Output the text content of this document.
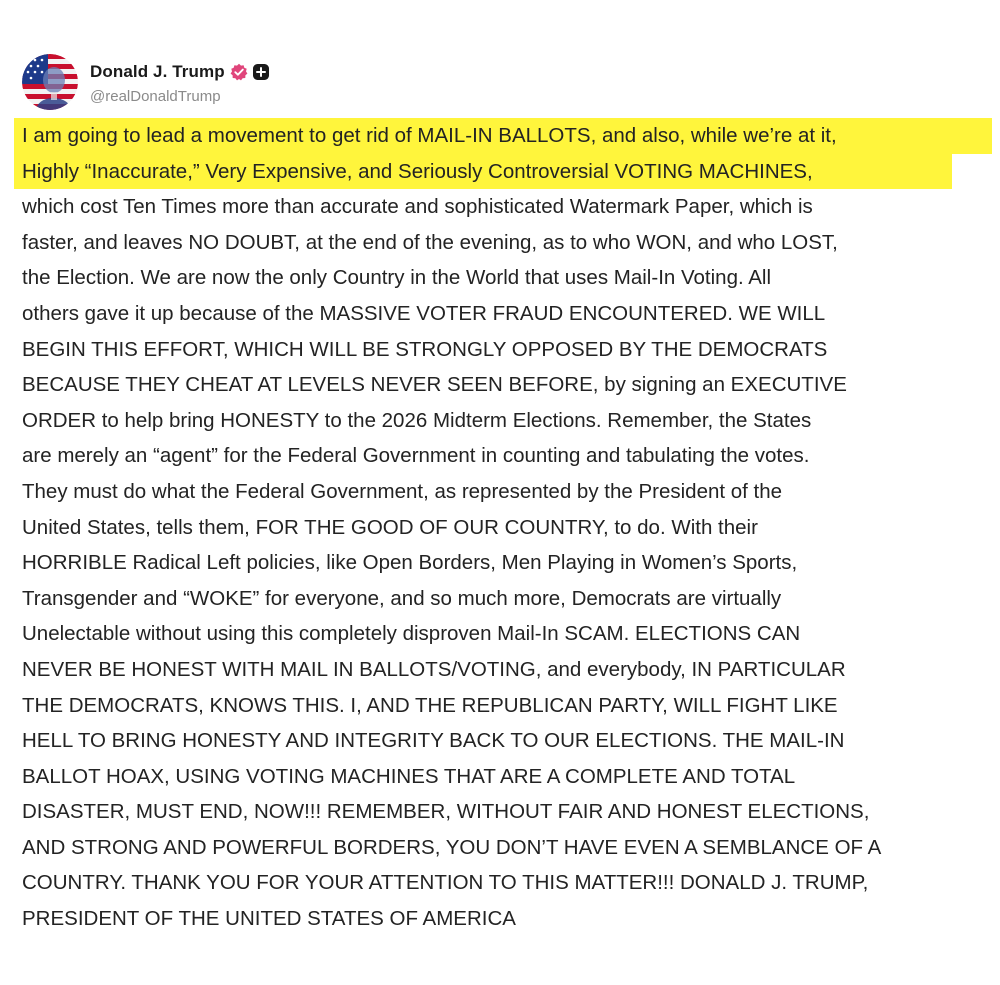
Donald J. Trump
@realDonaldTrump
I am going to lead a movement to get rid of MAIL-IN BALLOTS, and also, while we’re at it,
Highly “Inaccurate,” Very Expensive, and Seriously Controversial VOTING MACHINES,
which cost Ten Times more than accurate and sophisticated Watermark Paper, which is
faster, and leaves NO DOUBT, at the end of the evening, as to who WON, and who LOST,
the Election. We are now the only Country in the World that uses Mail-In Voting. All
others gave it up because of the MASSIVE VOTER FRAUD ENCOUNTERED. WE WILL
BEGIN THIS EFFORT, WHICH WILL BE STRONGLY OPPOSED BY THE DEMOCRATS
BECAUSE THEY CHEAT AT LEVELS NEVER SEEN BEFORE, by signing an EXECUTIVE
ORDER to help bring HONESTY to the 2026 Midterm Elections. Remember, the States
are merely an “agent” for the Federal Government in counting and tabulating the votes.
They must do what the Federal Government, as represented by the President of the
United States, tells them, FOR THE GOOD OF OUR COUNTRY, to do. With their
HORRIBLE Radical Left policies, like Open Borders, Men Playing in Women’s Sports,
Transgender and “WOKE” for everyone, and so much more, Democrats are virtually
Unelectable without using this completely disproven Mail-In SCAM. ELECTIONS CAN
NEVER BE HONEST WITH MAIL IN BALLOTS/VOTING, and everybody, IN PARTICULAR
THE DEMOCRATS, KNOWS THIS. I, AND THE REPUBLICAN PARTY, WILL FIGHT LIKE
HELL TO BRING HONESTY AND INTEGRITY BACK TO OUR ELECTIONS. THE MAIL-IN
BALLOT HOAX, USING VOTING MACHINES THAT ARE A COMPLETE AND TOTAL
DISASTER, MUST END, NOW!!! REMEMBER, WITHOUT FAIR AND HONEST ELECTIONS,
AND STRONG AND POWERFUL BORDERS, YOU DON’T HAVE EVEN A SEMBLANCE OF A
COUNTRY. THANK YOU FOR YOUR ATTENTION TO THIS MATTER!!! DONALD J. TRUMP,
PRESIDENT OF THE UNITED STATES OF AMERICA
